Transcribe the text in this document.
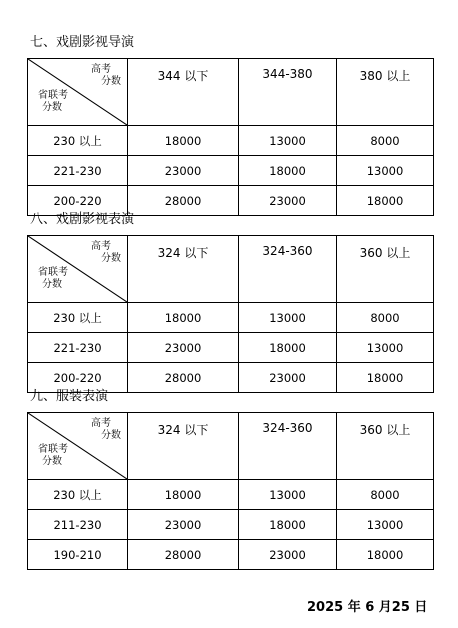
七、戏剧影视导演
高考
分数
省联考
分数	344 以下	344-380	380 以上
230 以上	18000	13000	8000
221-230	23000	18000	13000
200-220	28000	23000	18000
八、戏剧影视表演
高考
分数
省联考
分数	324 以下	324-360	360 以上
230 以上	18000	13000	8000
221-230	23000	18000	13000
200-220	28000	23000	18000
九、服装表演
高考
分数
省联考
分数	324 以下	324-360	360 以上
230 以上	18000	13000	8000
211-230	23000	18000	13000
190-210	28000	23000	18000
2025 年 6 月25 日
